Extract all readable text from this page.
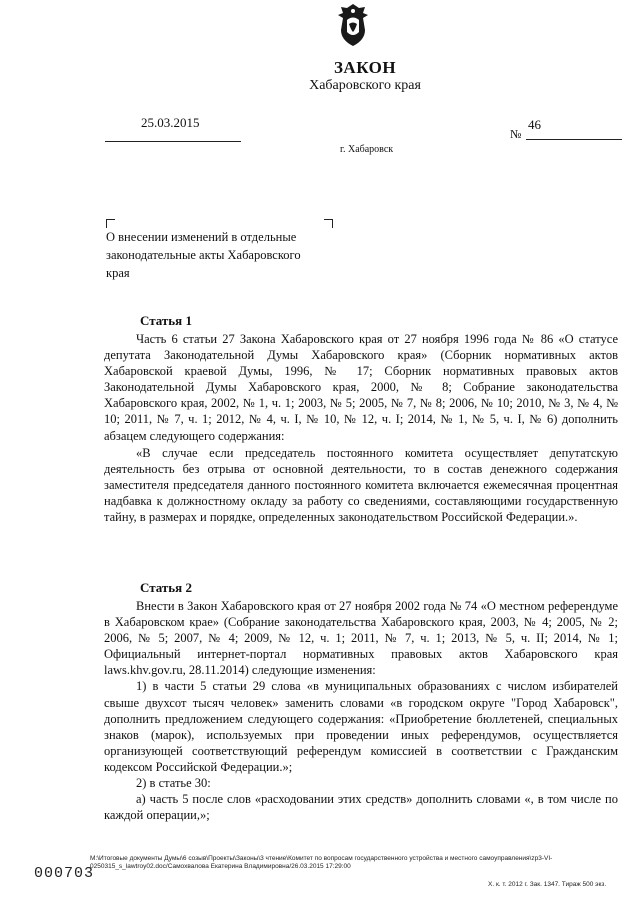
ЗАКОН
Хабаровского края
25.03.2015
г. Хабаровск
№
46
О внесении изменений в отдельные
законодательные акты Хабаровского
края
Статья 1

Часть 6 статьи 27 Закона Хабаровского края от 27 ноября 1996 года № 86 «О статусе депутата Законодательной Думы Хабаровского края» (Сборник нормативных актов Хабаровской краевой Думы, 1996, № 17; Сборник нормативных правовых актов Законодательной Думы Хабаровского края, 2000, № 8; Собрание законодательства Хабаровского края, 2002, № 1, ч. 1; 2003, № 5; 2005, № 7, № 8; 2006, № 10; 2010, № 3, № 4, № 10; 2011, № 7, ч. 1; 2012, № 4, ч. I, № 10, № 12, ч. I; 2014, № 1, № 5, ч. I, № 6) дополнить абзацем следующего содержания:

«В случае если председатель постоянного комитета осуществляет депутатскую деятельность без отрыва от основной деятельности, то в состав денежного содержания заместителя председателя данного постоянного комитета включается ежемесячная процентная надбавка к должностному окладу за работу со сведениями, составляющими государственную тайну, в размерах и порядке, определенных законодательством Российской Федерации.».

Статья 2

Внести в Закон Хабаровского края от 27 ноября 2002 года № 74 «О местном референдуме в Хабаровском крае» (Собрание законодательства Хабаровского края, 2003, № 4; 2005, № 2; 2006, № 5; 2007, № 4; 2009, № 12, ч. 1; 2011, № 7, ч. 1; 2013, № 5, ч. II; 2014, № 1; Официальный интернет-портал нормативных правовых актов Хабаровского края laws.khv.gov.ru, 28.11.2014) следующие изменения:

1) в части 5 статьи 29 слова «в муниципальных образованиях с числом избирателей свыше двухсот тысяч человек» заменить словами «в городском округе "Город Хабаровск", дополнить предложением следующего содержания: «Приобретение бюллетеней, специальных знаков (марок), используемых при проведении иных референдумов, осуществляется организующей соответствующий референдум комиссией в соответствии с Гражданским кодексом Российской Федерации.»;

2) в статье 30:

а) часть 5 после слов «расходовании этих средств» дополнить словами «, в том числе по каждой операции,»;

M:\Итоговые документы Думы\6 созыв\Проекты\Законы\3 чтение\Комитет по вопросам государственного устройства и местного самоуправления\zp3-VI-
0250315_s_lawtroy02.doc/Самохвалова Екатерина Владимировна/26.03.2015 17:29:00
000703
Х. к. т. 2012 г. Зак. 1347. Тираж 500 экз.
